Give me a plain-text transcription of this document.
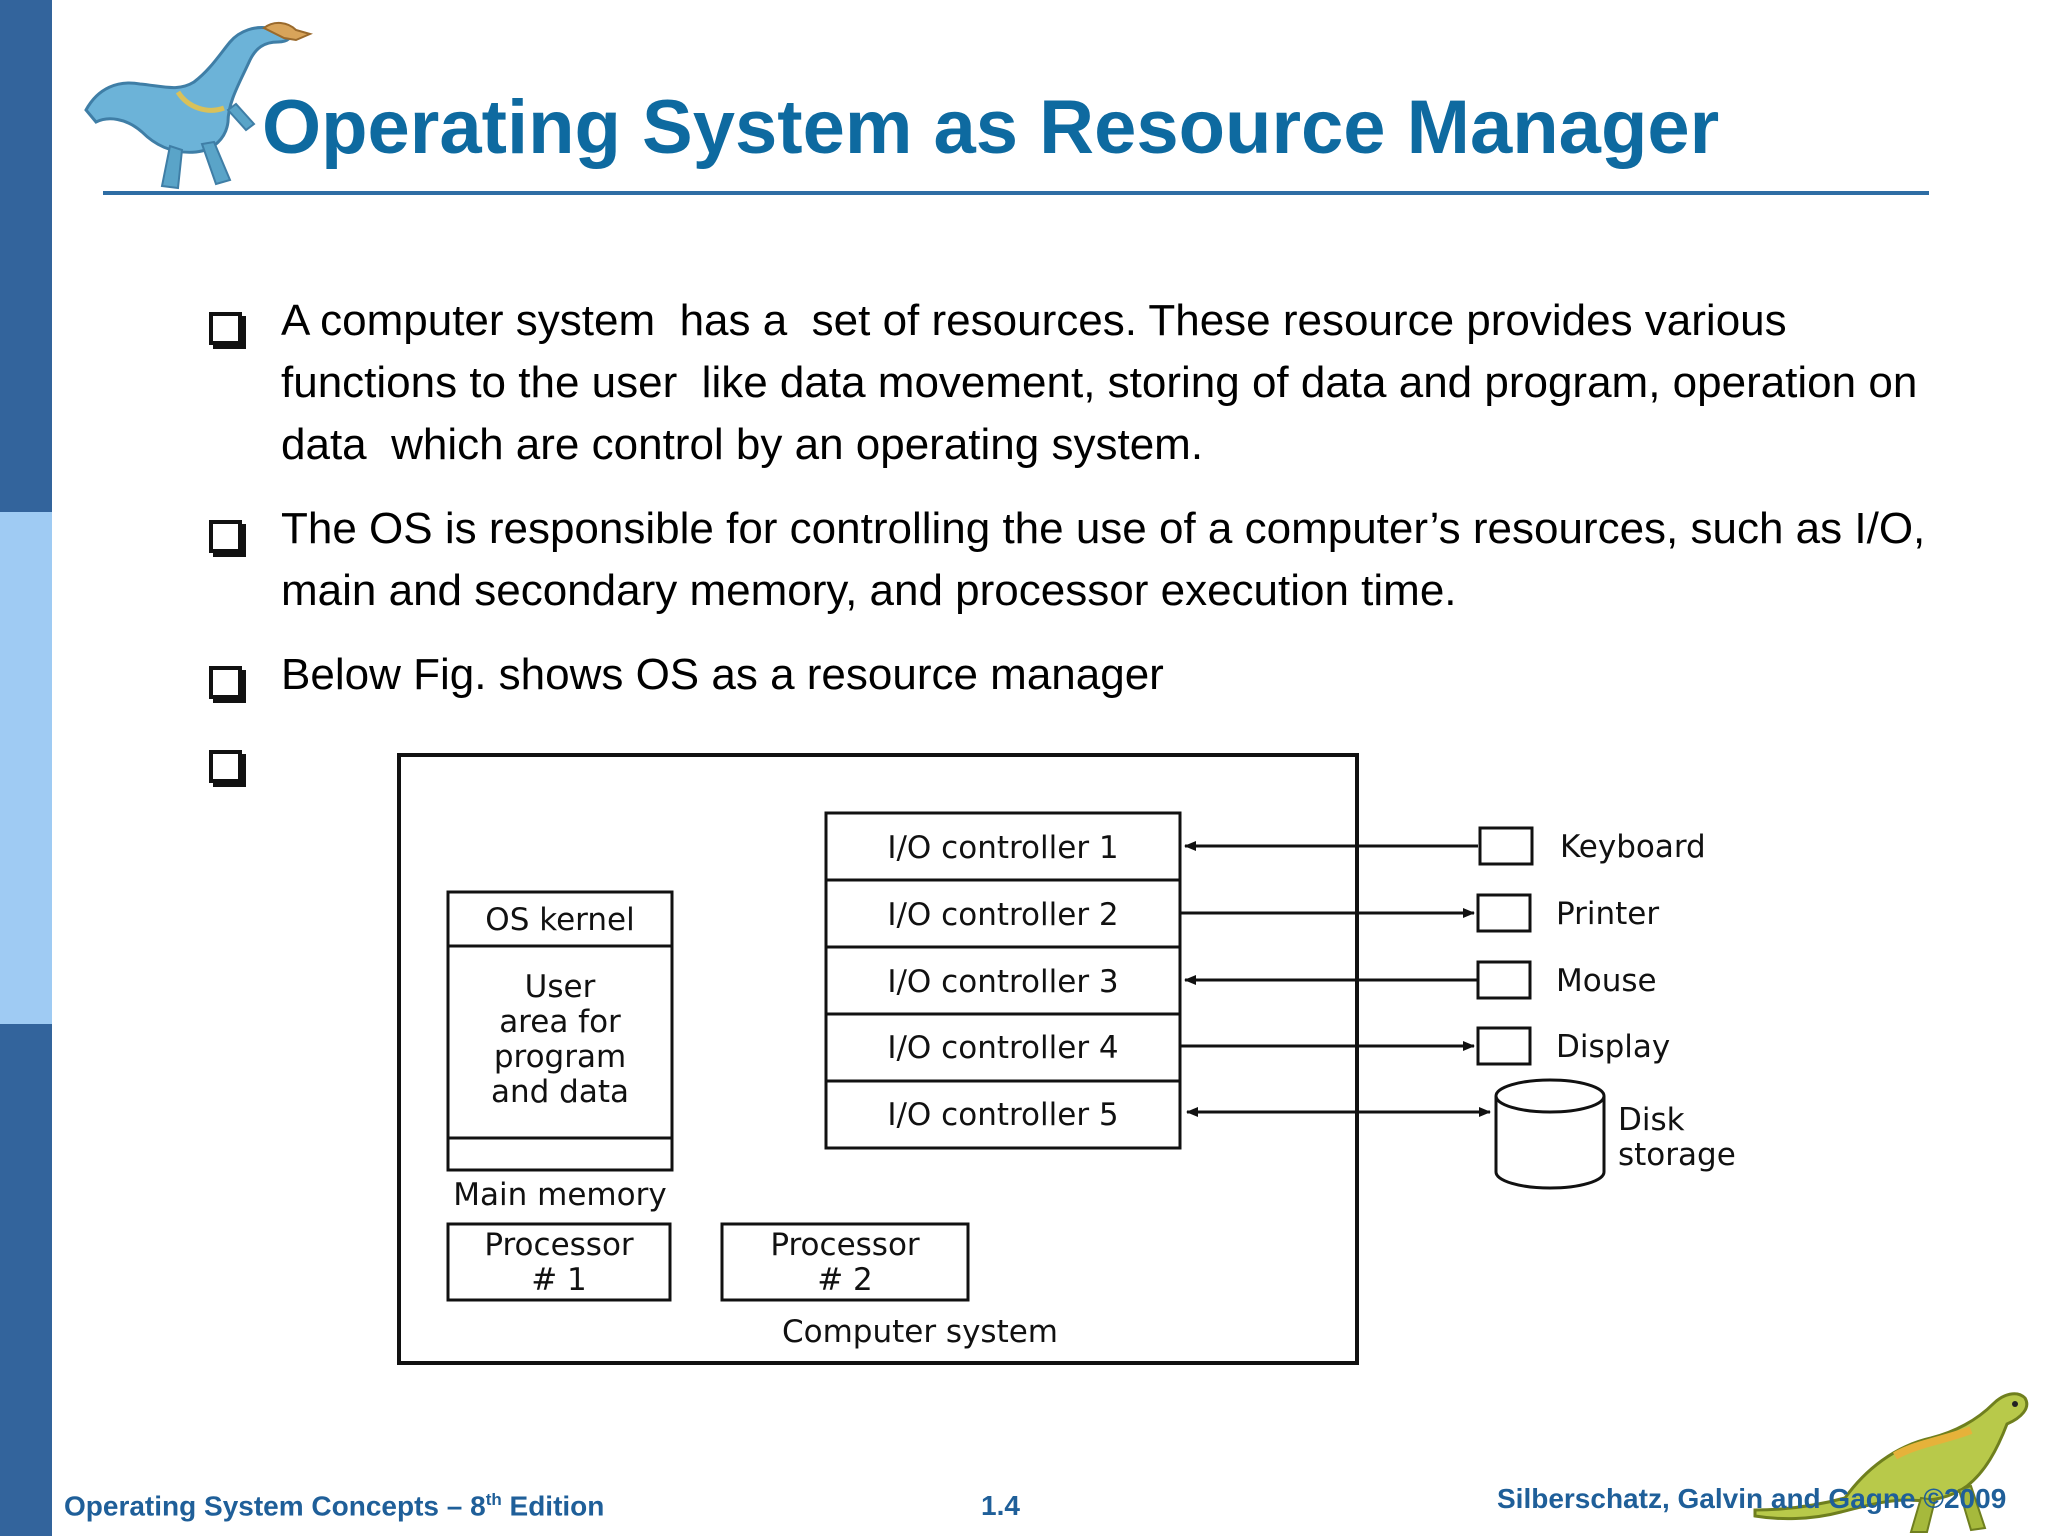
Operating System as Resource Manager
A computer system  has a  set of resources. These resource provides various functions to the user  like data movement, storing of data and program, operation on data  which are control by an operating system.
The OS is responsible for controlling the use of a computer’s resources, such as I/O, main and secondary memory, and processor execution time.
Below Fig. shows OS as a resource manager
OS kernel
User
area for
program
and data
Main memory
Processor
# 1
Processor
# 2
Computer system
I/O controller 1
I/O controller 2
I/O controller 3
I/O controller 4
I/O controller 5
Keyboard
Printer
Mouse
Display
Disk
storage
Operating System Concepts – 8th Edition	1.4	Silberschatz, Galvin and Gagne ©2009
